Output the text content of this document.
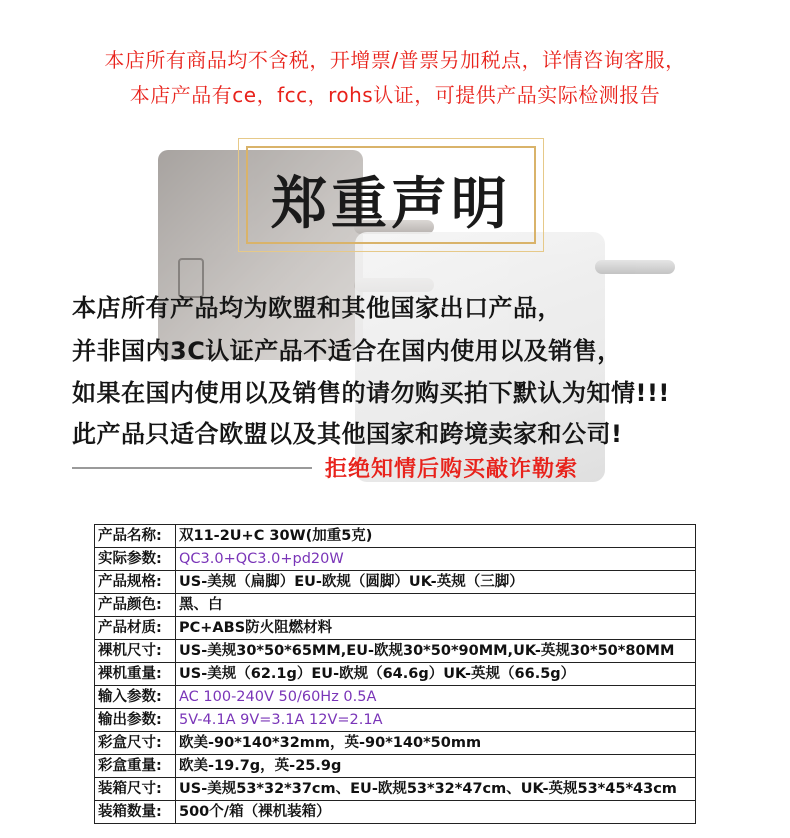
本店所有商品均不含税，开增票/普票另加税点，详情咨询客服，
本店产品有ce，fcc，rohs认证，可提供产品实际检测报告
郑重声明
本店所有产品均为欧盟和其他国家出口产品，
并非国内3C认证产品不适合在国内使用以及销售，
如果在国内使用以及销售的请勿购买拍下默认为知情!!!
此产品只适合欧盟以及其他国家和跨境卖家和公司!
拒绝知情后购买敲诈勒索
产品名称:	双11-2U+C 30W(加重5克)
实际参数:	QC3.0+QC3.0+pd20W
产品规格:	US-美规（扁脚）EU-欧规（圆脚）UK-英规（三脚）
产品颜色:	黑、白
产品材质:	PC+ABS防火阻燃材料
裸机尺寸:	US-美规30*50*65MM,EU-欧规30*50*90MM,UK-英规30*50*80MM
裸机重量:	US-美规（62.1g）EU-欧规（64.6g）UK-英规（66.5g）
输入参数:	AC 100-240V 50/60Hz 0.5A
输出参数:	5V-4.1A 9V=3.1A 12V=2.1A
彩盒尺寸:	欧美-90*140*32mm，英-90*140*50mm
彩盒重量:	欧美-19.7g，英-25.9g
装箱尺寸:	US-美规53*32*37cm、EU-欧规53*32*47cm、UK-英规53*45*43cm
装箱数量:	500个/箱（裸机装箱）
